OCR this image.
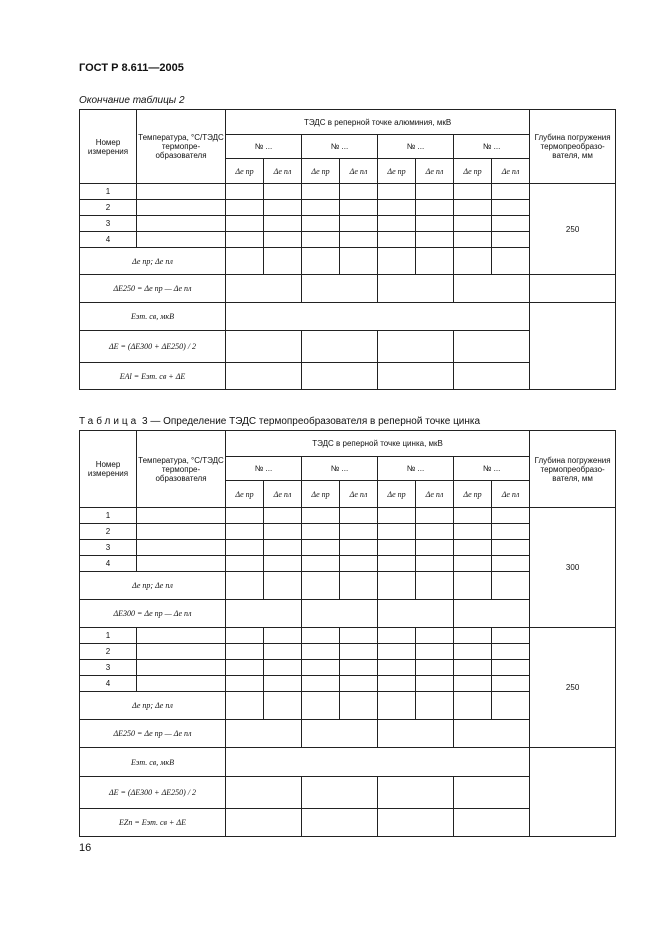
ГОСТ Р 8.611—2005
Окончание таблицы 2
Номер измерения	Температура, °С/ТЭДС термопре-образователя	ТЭДС в реперной точке алюминия, мкВ								Глубина погружения термопреобразо-вателя, мм
		№ ...		№ ...		№ ...		№ ...		
		Δe пр	Δe пл	Δe пр	Δe пл	Δe пр	Δe пл	Δe пр	Δe пл	
1										250
2										
3										
4										
Δe пр; Δe пл										
ΔE250 = Δe пр — Δe пл										
Eэт. св, мкВ										
ΔE = (ΔE300 + ΔE250) / 2										
EAl = Eэт. св + ΔE										
Таблица 3 — Определение ТЭДС термопреобразователя в реперной точке цинка
Номер измерения	Температура, °С/ТЭДС термопре-образователя	ТЭДС в реперной точке цинка, мкВ								Глубина погружения термопреобразо-вателя, мм
		№ ...		№ ...		№ ...		№ ...		
		Δe пр	Δe пл	Δe пр	Δe пл	Δe пр	Δe пл	Δe пр	Δe пл	
1										300
2										
3										
4										
Δe пр; Δe пл										
ΔE300 = Δe пр — Δe пл										
1										250
2										
3										
4										
Δe пр; Δe пл										
ΔE250 = Δe пр — Δe пл										
Eэт. св, мкВ										
ΔE = (ΔE300 + ΔE250) / 2										
EZn = Eэт. св + ΔE										
16
